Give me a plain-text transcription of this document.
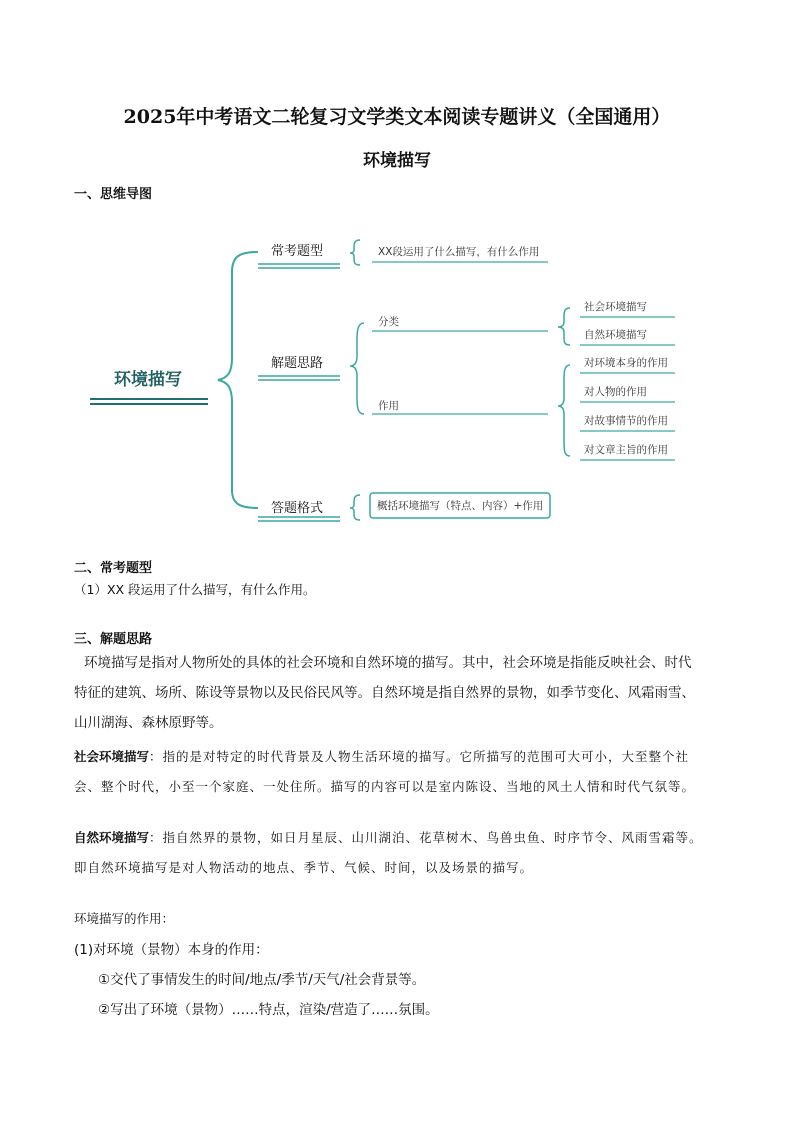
2025年中考语文二轮复习文学类文本阅读专题讲义（全国通用）
环境描写
一、思维导图
环境描写
常考题型	XX段运用了什么描写，有什么作用
解题思路
分类
作用
社会环境描写
自然环境描写
对环境本身的作用
对人物的作用
对故事情节的作用
对文章主旨的作用
答题格式	概括环境描写（特点、内容）+作用
二、常考题型
（1）XX 段运用了什么描写，有什么作用。
三、解题思路
环境描写是指对人物所处的具体的社会环境和自然环境的描写。其中，社会环境是指能反映社会、时代
特征的建筑、场所、陈设等景物以及民俗民风等。自然环境是指自然界的景物，如季节变化、风霜雨雪、
山川湖海、森林原野等。
社会环境描写：指的是对特定的时代背景及人物生活环境的描写。它所描写的范围可大可小，大至整个社
会、整个时代，小至一个家庭、一处住所。描写的内容可以是室内陈设、当地的风土人情和时代气氛等。
自然环境描写：指自然界的景物，如日月星辰、山川湖泊、花草树木、鸟兽虫鱼、时序节令、风雨雪霜等。
即自然环境描写是对人物活动的地点、季节、气候、时间，以及场景的描写。
环境描写的作用：
(1)对环境（景物）本身的作用：
①交代了事情发生的时间/地点/季节/天气/社会背景等。
②写出了环境（景物）……特点，渲染/营造了……氛围。
